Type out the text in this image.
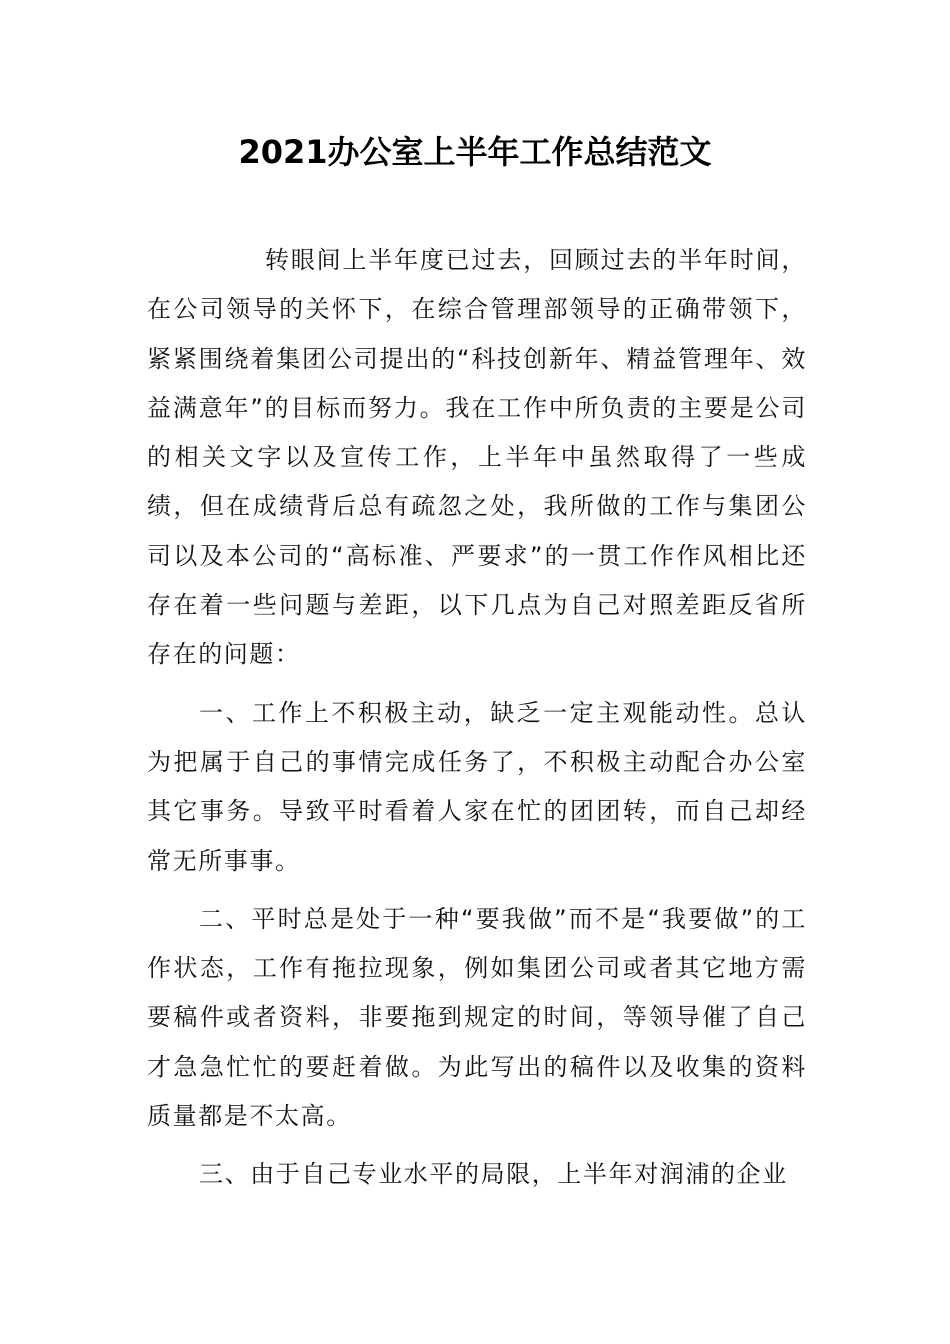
2021办公室上半年工作总结范文

转眼间上半年度已过去，回顾过去的半年时间，在公司领导的关怀下，在综合管理部领导的正确带领下，紧紧围绕着集团公司提出的“科技创新年、精益管理年、效益满意年”的目标而努力。我在工作中所负责的主要是公司的相关文字以及宣传工作，上半年中虽然取得了一些成绩，但在成绩背后总有疏忽之处，我所做的工作与集团公司以及本公司的“高标准、严要求”的一贯工作作风相比还存在着一些问题与差距，以下几点为自己对照差距反省所存在的问题：

一、工作上不积极主动，缺乏一定主观能动性。总认为把属于自己的事情完成任务了，不积极主动配合办公室其它事务。导致平时看着人家在忙的团团转，而自己却经常无所事事。

二、平时总是处于一种“要我做”而不是“我要做”的工作状态，工作有拖拉现象，例如集团公司或者其它地方需要稿件或者资料，非要拖到规定的时间，等领导催了自己才急急忙忙的要赶着做。为此写出的稿件以及收集的资料质量都是不太高。

三、由于自己专业水平的局限，上半年对润浦的企业
